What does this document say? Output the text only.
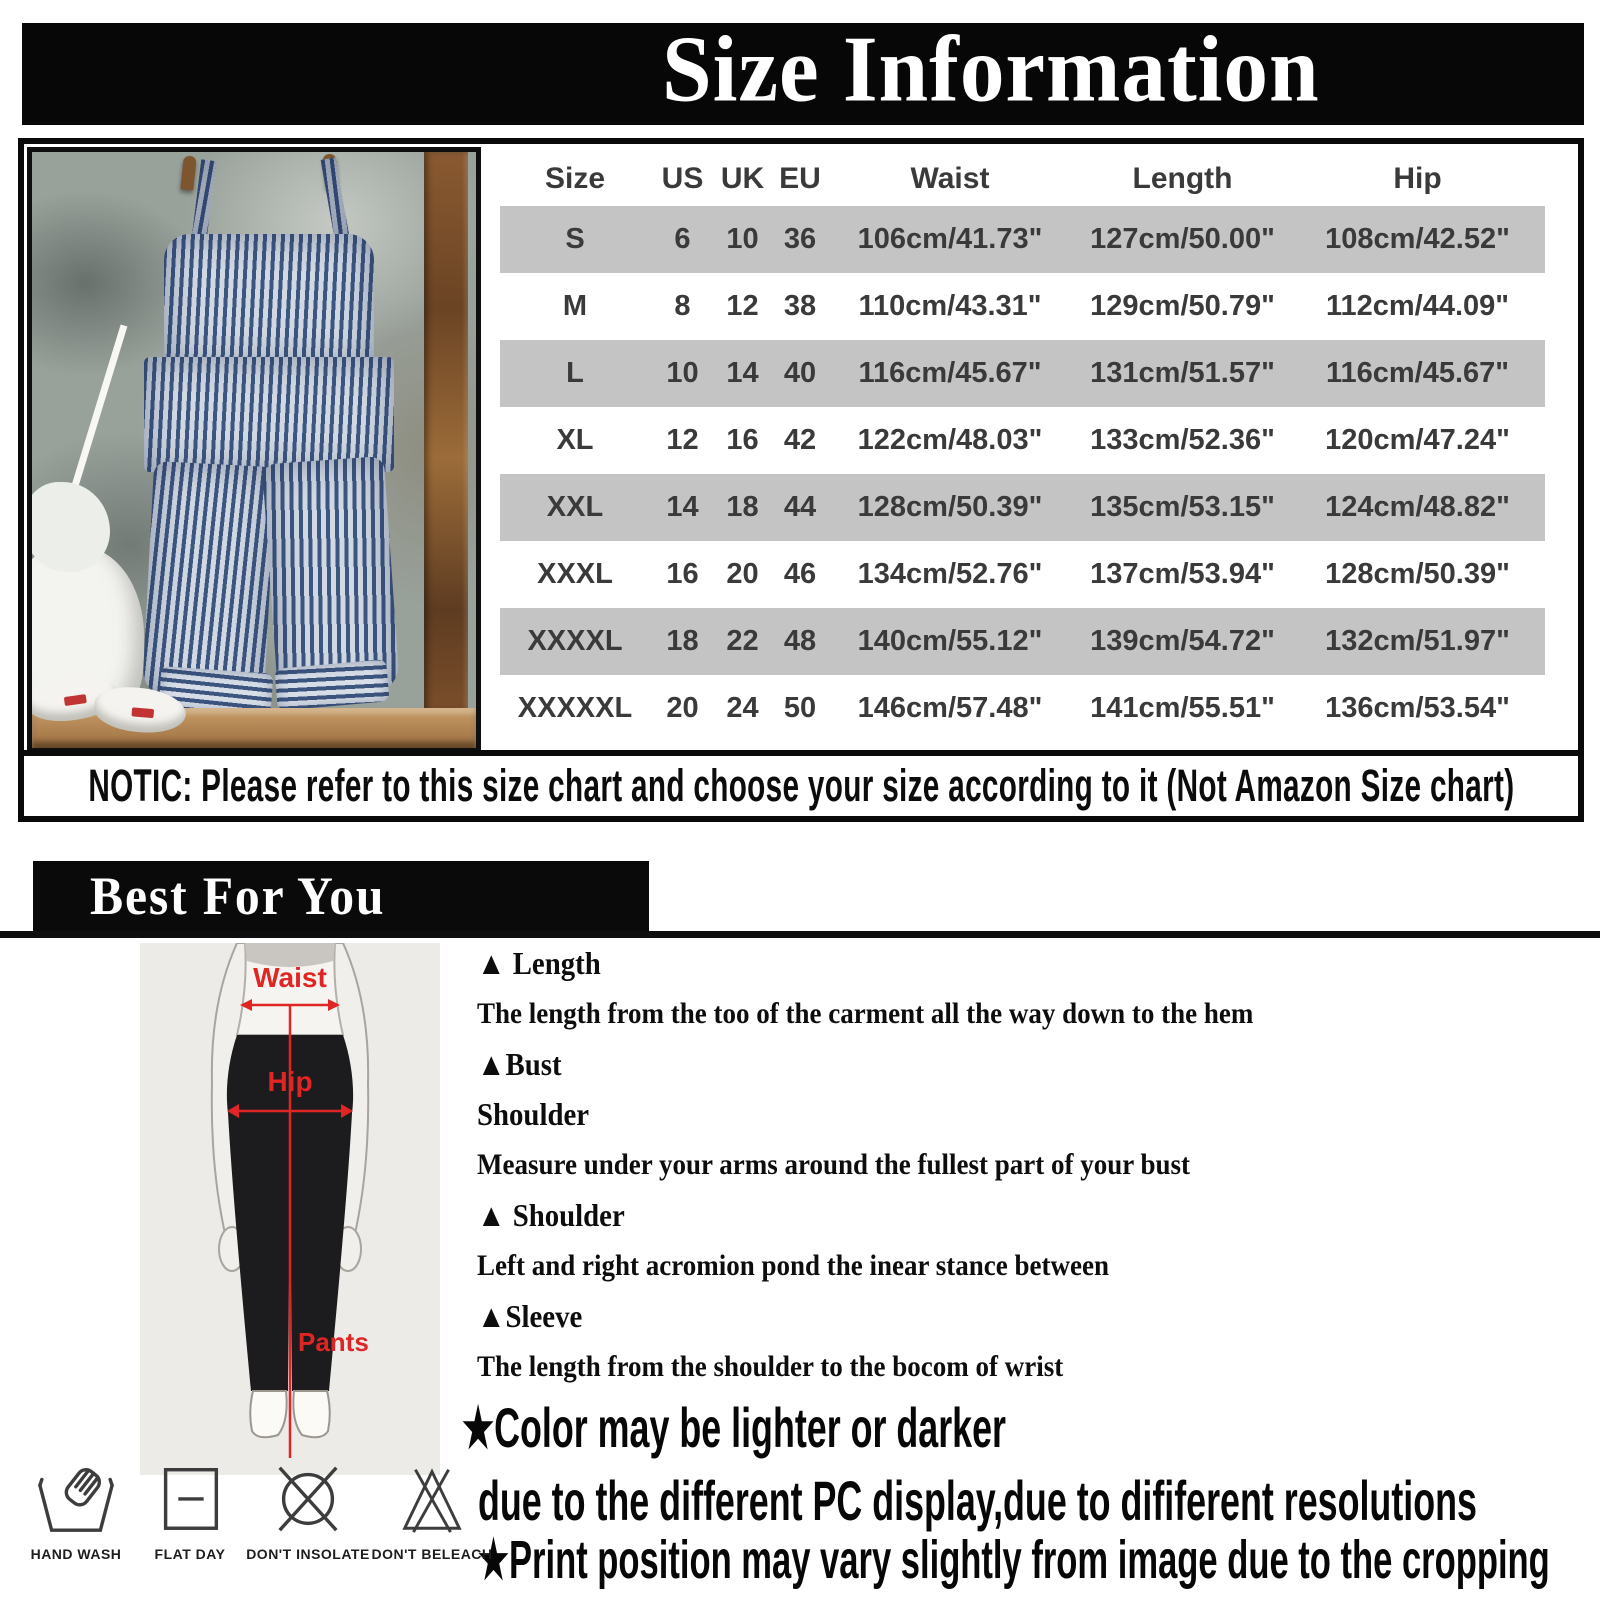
Size Information
Size	US UK EU	Waist	Length	Hip
S	6	10 36	106cm/41.73"	127cm/50.00"	108cm/42.52"
M	8	12 38	110cm/43.31"	129cm/50.79"	112cm/44.09"
L	10 14 40	116cm/45.67"	131cm/51.57"	116cm/45.67"
XL	12 16 42	122cm/48.03"	133cm/52.36"	120cm/47.24"
XXL	14 18 44	128cm/50.39"	135cm/53.15"	124cm/48.82"
XXXL	16 20 46	134cm/52.76"	137cm/53.94"	128cm/50.39"
XXXXL	18 22 48	140cm/55.12"	139cm/54.72"	132cm/51.97"
XXXXXL	20 24 50	146cm/57.48"	141cm/55.51"	136cm/53.54"
NOTIC: Please refer to this size chart and choose your size according to it (Not Amazon Size chart)
Best For You
Waist
Hip
Pants
▲ Length
The length from the too of the carment all the way down to the hem
▲Bust
Shoulder
Measure under your arms around the fullest part of your bust
▲ Shoulder
Left and right acromion pond the inear stance between
▲Sleeve
The length from the shoulder to the bocom of wrist
★Color may be lighter or darker
due to the different PC display,due to dififerent resolutions
★Print position may vary slightly from image due to the cropping
HAND WASH	FLAT DAY	DON'T INSOLATE DON'T BELEACH
